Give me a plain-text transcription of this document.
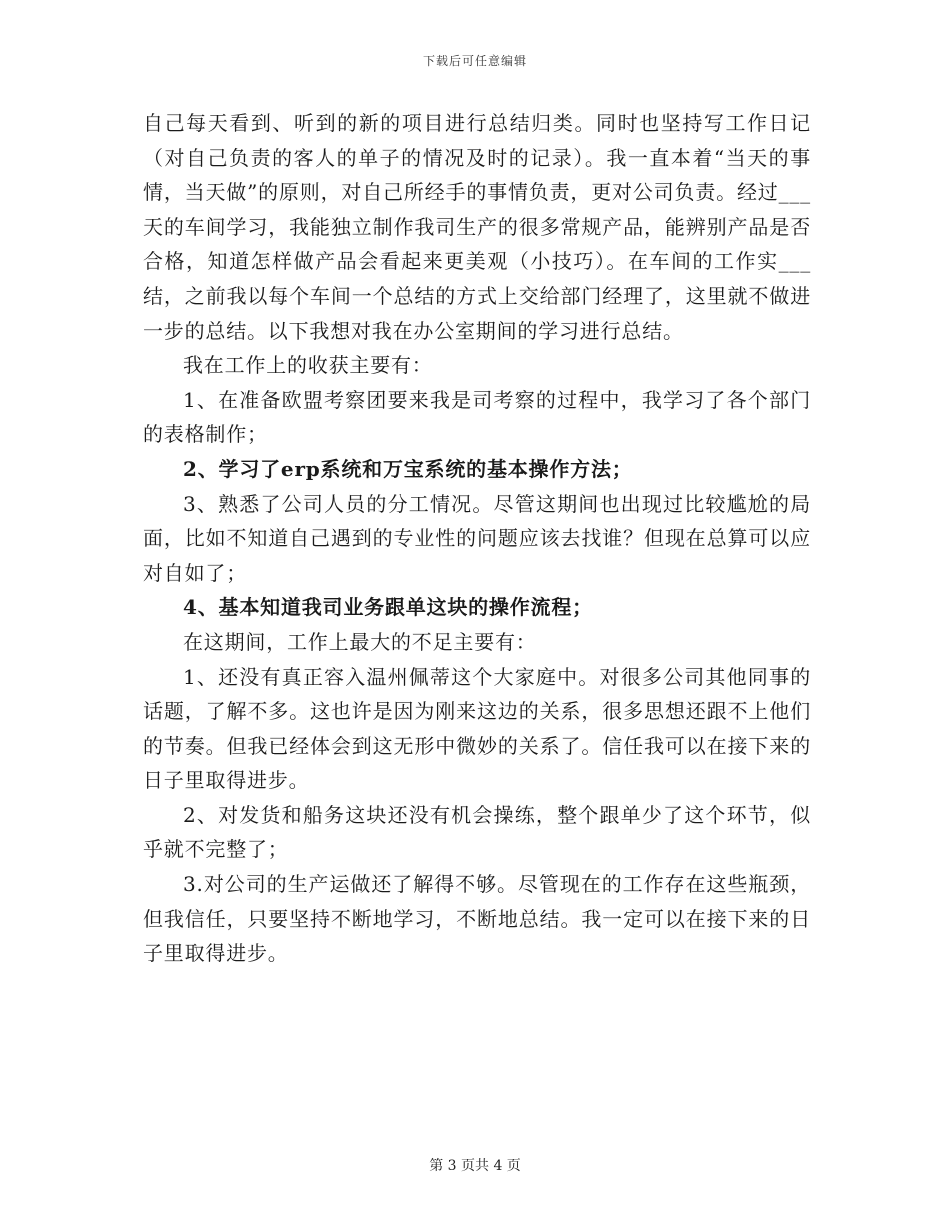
下载后可任意编辑

自己每天看到、听到的新的项目进行总结归类。同时也坚持写工作日记（对自己负责的客人的单子的情况及时的记录）。我一直本着“当天的事情，当天做”的原则，对自己所经手的事情负责，更对公司负责。经过___天的车间学习，我能独立制作我司生产的很多常规产品，能辨别产品是否合格，知道怎样做产品会看起来更美观（小技巧）。在车间的工作实___结，之前我以每个车间一个总结的方式上交给部门经理了，这里就不做进一步的总结。以下我想对我在办公室期间的学习进行总结。

我在工作上的收获主要有：

1、在准备欧盟考察团要来我是司考察的过程中，我学习了各个部门的表格制作；

2、学习了erp系统和万宝系统的基本操作方法；

3、熟悉了公司人员的分工情况。尽管这期间也出现过比较尴尬的局面，比如不知道自己遇到的专业性的问题应该去找谁？但现在总算可以应对自如了；

4、基本知道我司业务跟单这块的操作流程；

在这期间，工作上最大的不足主要有：

1、还没有真正容入温州佩蒂这个大家庭中。对很多公司其他同事的话题，了解不多。这也许是因为刚来这边的关系，很多思想还跟不上他们的节奏。但我已经体会到这无形中微妙的关系了。信任我可以在接下来的日子里取得进步。

2、对发货和船务这块还没有机会操练，整个跟单少了这个环节，似乎就不完整了；

3.对公司的生产运做还了解得不够。尽管现在的工作存在这些瓶颈，但我信任，只要坚持不断地学习，不断地总结。我一定可以在接下来的日子里取得进步。

第 3 页共 4 页
